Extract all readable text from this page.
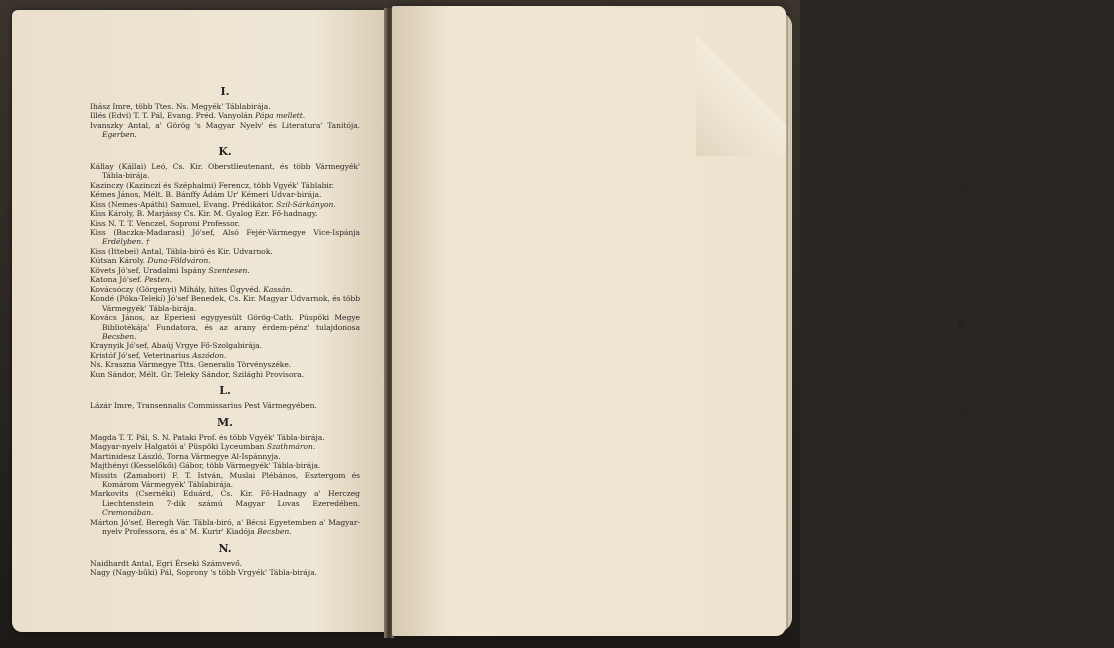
I.
Ihász Imre, több Ttes. Ns. Megyék' Táblabirája.
Illés (Edvi) T. T. Pál, Evang. Préd. Vanyolán Pápa mellett.
Ivanszky Antal, a' Görög 's Magyar Nyelv' és Literatura' Tanitója. Egerben.
K.
Kállay (Kállai) Leó, Cs. Kir. Oberstlieutenant, és több Vármegyék' Tábla-birája.
Kazinczy (Kazinczi és Széphalmi) Ferencz, több Vgyék' Táblabir.
Kémes János, Mélt. B. Bánffy Ádám Ur' Kémeri Udvar-birája.
Kiss (Nemes-Apáthi) Samuel, Evang. Prédikátor. Szil-Sárkányon.
Kiss Károly, B. Marjássy Cs. Kir. M. Gyalog Ezr. Fő-hadnagy.
Kiss N. T. T. Venczel, Soproni Professor.
Kiss (Baczka-Madarasi) Jó'sef, Alsó Fejér-Vármegye Vice-Ispánja Erdélyben. †
Kiss (Ittebei) Antal, Tábla-biró és Kir. Udvarnok.
Kútsan Károly. Duna-Földváron.
Követs Jó'sef, Uradalmi Ispány Szentesen.
Katona Jó'sef. Pesten.
Kovácsóczy (Görgenyi) Mihály, hites Ügyvéd. Kassán.
Kondé (Póka-Telekí) Jó'sef Benedek, Cs. Kir. Magyar Udvarnok, és több Vármegyék' Tábla-birája.
Kovács János, az Eperiesi egygyesült Görög-Cath. Püspöki Megye Bibliotékája' Fundatora, és az arany érdem-pénz' tulajdonosa Becsben.
Kraynyik Jó'sef, Abaúj Vrgye Fő-Szolgabirája.
Kristóf Jó'sef, Veterinarius Aszódon.
Ns. Kraszna Vármegye Ttts. Generalis Törvényszéke.
Kun Sándor, Mélt. Gr. Teleky Sándor, Szilághi Provisora.
L.
Lázár Imre, Transennalis Commissarius Pest Vármegyében.
M.
Magda T. T. Pál, S. N. Pataki Prof. és több Vgyék' Tábla-birája.
Magyar-nyelv Halgatói a' Püspöki Lyceumban Szathmáron.
Martinidesz László, Torna Vármegye Al-Ispánnyja.
Majthényi (Kesselőkői) Gábor, több Vármegyék' Tábla-birája.
Missits (Zamabori) F. T. István, Muslai Plébános, Esztergom és Komárom Vármegyék' Táblabirája.
Markovits (Csernéki) Eduárd, Cs. Kir. Fő-Hadnagy a' Herczeg Liechtenstein 7-dik számú Magyar Lovas Ezeredében. Cremonában.
Márton Jó'sef, Beregh Vár. Tábla-biró, a' Bécsi Egyetemben a' Magyar-nyelv Professora, és a' M. Kurir' Kiadója Becsben.
N.
Naidhardt Antal, Egri Érseki Számvevő.
Nagy (Nagy-bűki) Pál, Soprony 's több Vrgyék' Tábla-birája.
Nagy Ignácz, több Vrgyék' Tábla-birája. Pécsett.
Nedeczky (Nedeczei) Lajos, Zala Vrgyei Fő-Szolgabiró.
Nyitra Vármegye Nemes Rendei.
Neveltenek. 6 Példányra.
Némethi Pál, Miskólczi Leány-Tanitó.
O.
Ócskay (Ócskai) István, Ttes Zemplény Vrgye hites Al-Jegyzője és több Ns. Megyék' Táblabirája.
Oszterhueber Móricz, a' Törvények Doktora és a' Fiumei Kormánynál Conceptualis Practicans.
P.
Pákozdy 'Sigmond, Ns. Tolna Vármegye Al-Szolgabirája.
Papay (Pápai) Ferencz, Tatai és Gesztesi Uradalmi Fiscalis.
Patay (Patai) János, Theologiát tanító Prof. Becsben.
Pataki Reform. Nemes Collegium' Könyv-tárja.
Pilaszenovits Antal, Rogolitzai közbirtokos.
Podolay N. T. T. Melchior, az újtatos Oskolák' áldozó Papja 's a' N. Kanizsai Kir. Gymnasium Kormányozója.
Pogats Elek, Számtartó Pápán.
Polgár N. T. T. László, Sz. Benedek Szerz. Áldozó Pap és Ravazdi Plébános.
Prauner Gábor, N. Mélt. Gr. Eszterházy Miklós' Titokn. Tatán.
Pnez N. T. T. Antal, Balonyi Plébános.
Posonyi Nemes Magyar Olvasó-Társaság.
R.
Raader Alajos Könyvárus Fejérváron. 2 Példányra.
Retsky (Retski) Benedek, Táblabiró Naprágyban.
Rimaválgyi Nemes és Tudós Társaság.
Román (Kövesligethi) Ferencz, Fiscalis és Táblabiró Munkátson.
Ro'sonyai Kerülethelí Evangelicum Ns. Gymnasium.
Röszler T. T. Kristóf, a' Budai-Pesti Német Ujság' Redactora.
Ribiánszky János, Tisztartó.
S.
Schwaiger András, Po'sonyi Könyvárus 2. Példányra.
Sebess (Zilahi) László, Cs. Kir. Fő-Stra'sa-Mester, a' Magyar Nemes Testőrző-Gárdánál Becsben.
Somogyi János, N. Mélt. Gr. Széchényi László Ő Eksz. Horpacsi Udv. Kasznárja.
Soós (Soóvári) György, több Ns. Vármegyék' Tábla-birája.
Soproni-Ns. 's tudós Magyar Társaság.
Soprony' Ttes. Nemes Vármegye Rendjei.
Stöck Ferencz, a' Cs. Kir. Fő-Hercz. és Nádor-Isp. 12-dik számú Magyar Lovas Ezred. 100-os Kapitány.
Szabó Jó'sef, F. T. T. Harsányi V. Esperest és Plébános. †
Szabó N. T. T. Nepomuk, Turjei Plébánia Administratora.
